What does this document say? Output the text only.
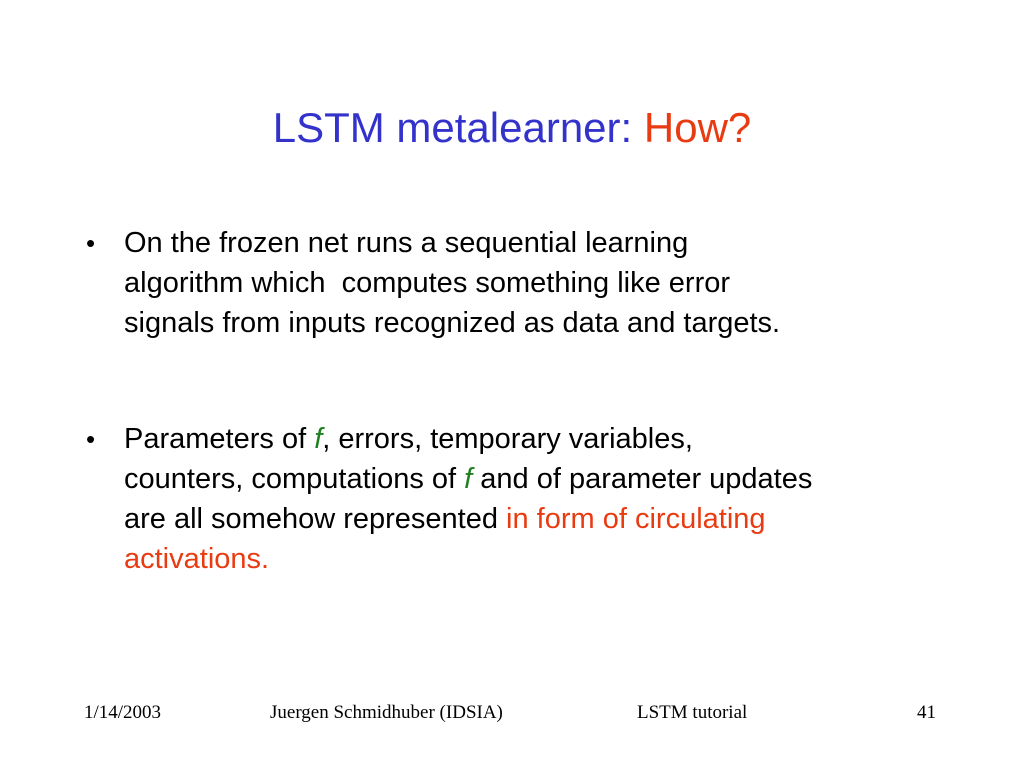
LSTM metalearner: How?
• On the frozen net runs a sequential learning
algorithm which  computes something like error
signals from inputs recognized as data and targets.
• Parameters of f, errors, temporary variables,
counters, computations of f and of parameter updates
are all somehow represented in form of circulating
activations.
1/14/2003	Juergen Schmidhuber (IDSIA)	LSTM tutorial	41
